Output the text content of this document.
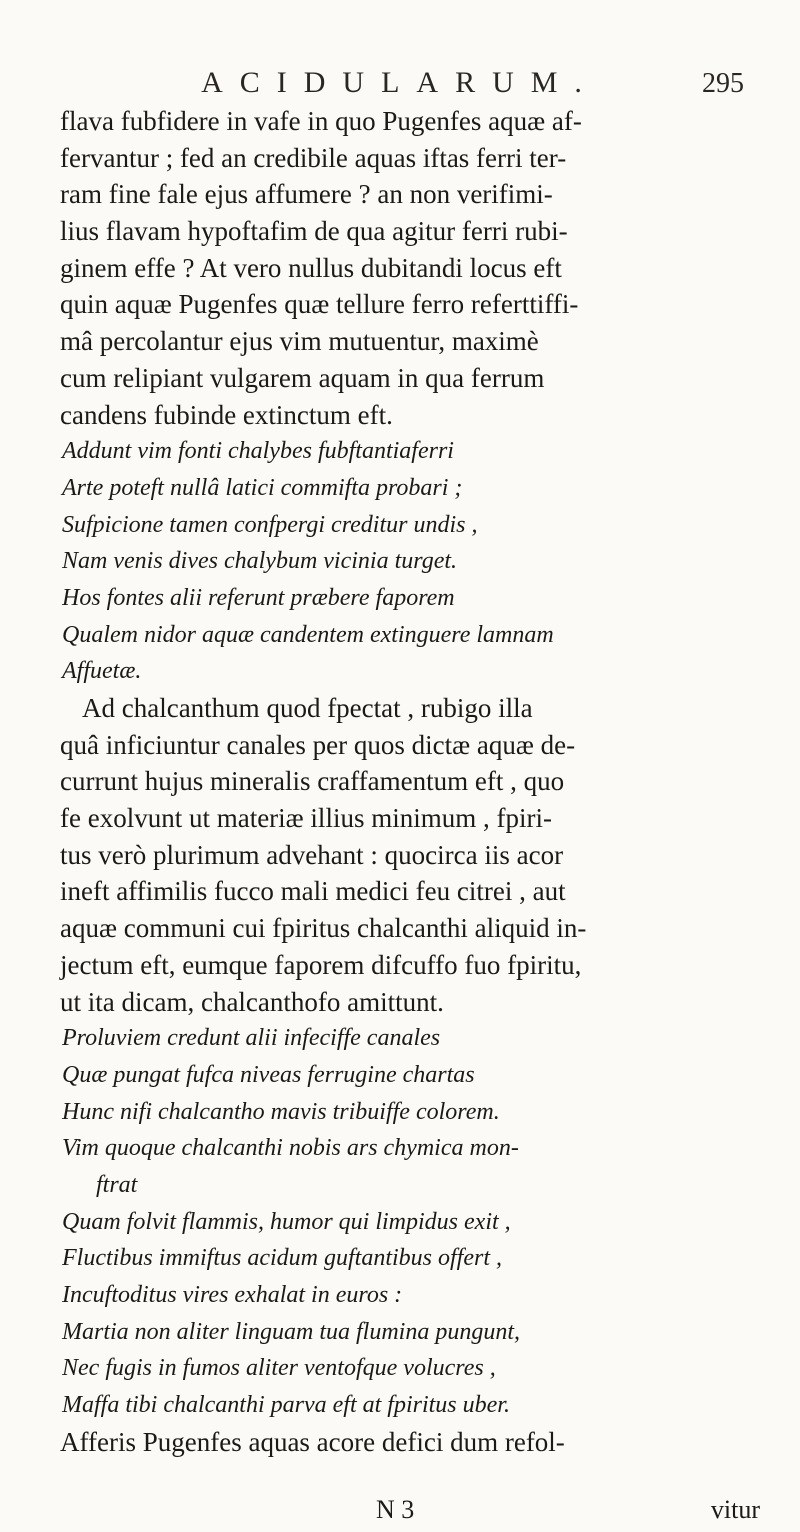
ACIDULARUM.	295
flava fubfidere in vafe in quo Pugenfes aquæ af-
fervantur ; fed an credibile aquas iftas ferri ter-
ram fine fale ejus affumere ? an non verifimi-
lius flavam hypoftafim de qua agitur ferri rubi-
ginem effe ? At vero nullus dubitandi locus eft
quin aquæ Pugenfes quæ tellure ferro referttiffi-
mâ percolantur ejus vim mutuentur, maximè
cum relipiant vulgarem aquam in qua ferrum
candens fubinde extinctum eft.
Addunt vim fonti chalybes fubftantiaferri
Arte poteft nullâ latici commifta probari ;
Sufpicione tamen confpergi creditur undis ,
Nam venis dives chalybum vicinia turget.
Hos fontes alii referunt præbere faporem
Qualem nidor aquæ candentem extinguere lamnam
Affuetæ.
Ad chalcanthum quod fpectat , rubigo illa
quâ inficiuntur canales per quos dictæ aquæ de-
currunt hujus mineralis craffamentum eft , quo
fe exolvunt ut materiæ illius minimum , fpiri-
tus verò plurimum advehant : quocirca iis acor
ineft affimilis fucco mali medici feu citrei , aut
aquæ communi cui fpiritus chalcanthi aliquid in-
jectum eft, eumque faporem difcuffo fuo fpiritu,
ut ita dicam, chalcanthofo amittunt.
Proluviem credunt alii infeciffe canales
Quæ pungat fufca niveas ferrugine chartas
Hunc nifi chalcantho mavis tribuiffe colorem.
Vim quoque chalcanthi nobis ars chymica mon-
ftrat
Quam folvit flammis, humor qui limpidus exit ,
Fluctibus immiftus acidum guftantibus offert ,
Incuftoditus vires exhalat in euros :
Martia non aliter linguam tua flumina pungunt,
Nec fugis in fumos aliter ventofque volucres ,
Maffa tibi chalcanthi parva eft at fpiritus uber.
Afferis Pugenfes aquas acore defici dum refol-
N 3	vitur
